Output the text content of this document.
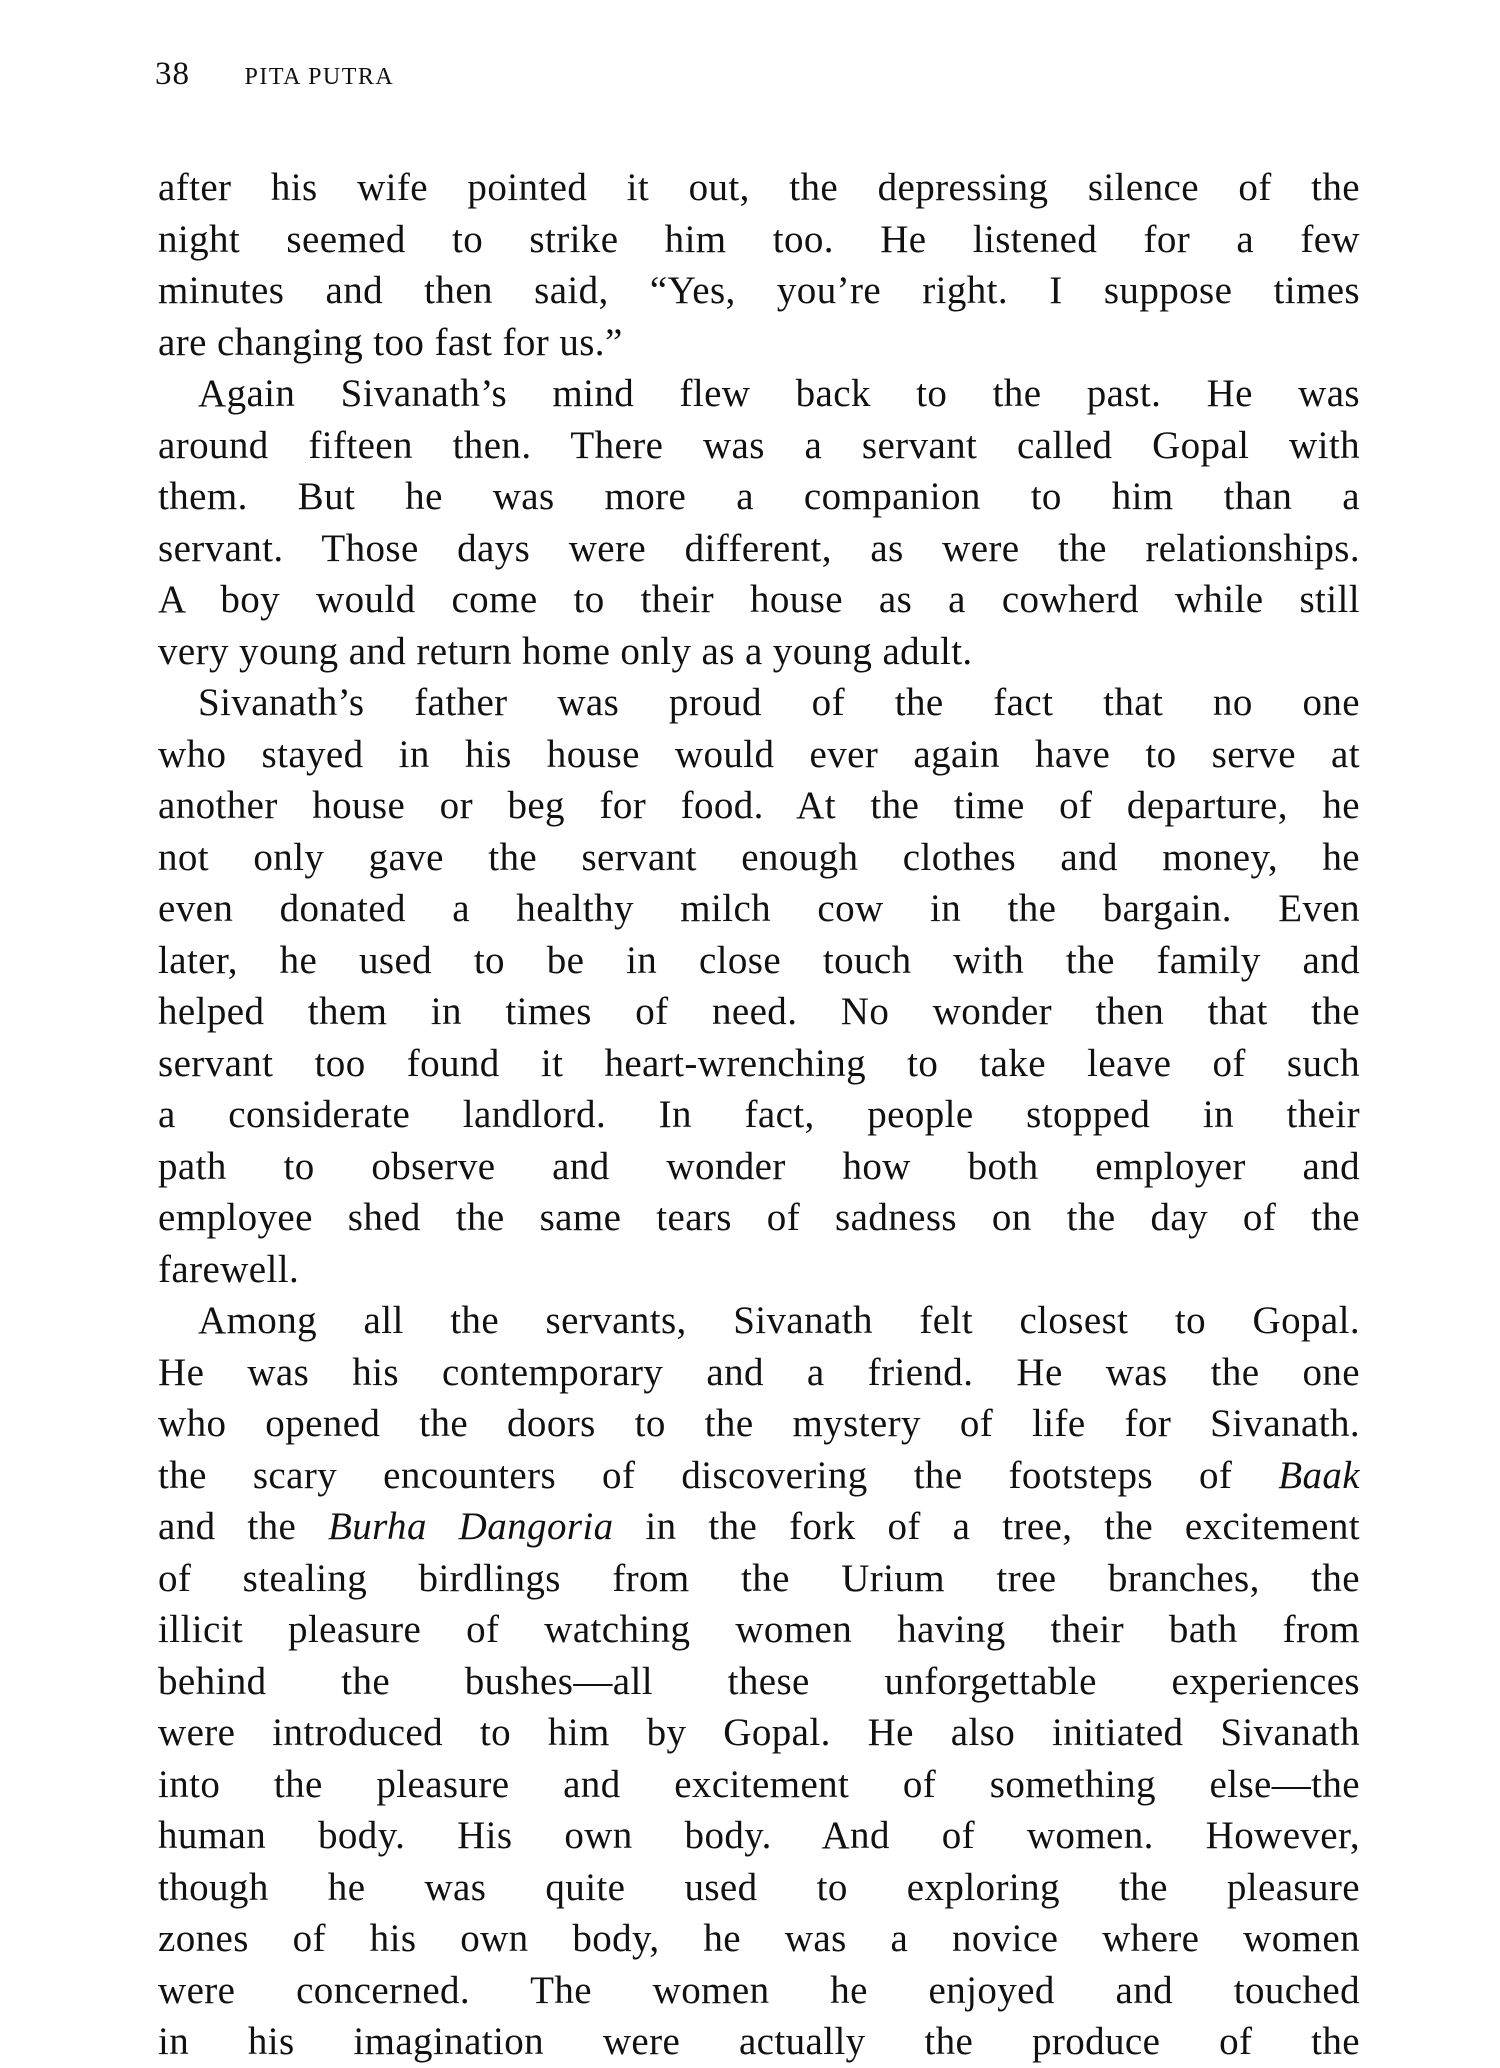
38 PITA PUTRA
after his wife pointed it out, the depressing silence of the
night seemed to strike him too. He listened for a few
minutes and then said, “Yes, you’re right. I suppose times
are changing too fast for us.”
Again Sivanath’s mind flew back to the past. He was
around fifteen then. There was a servant called Gopal with
them. But he was more a companion to him than a
servant. Those days were different, as were the relationships.
A boy would come to their house as a cowherd while still
very young and return home only as a young adult.
Sivanath’s father was proud of the fact that no one
who stayed in his house would ever again have to serve at
another house or beg for food. At the time of departure, he
not only gave the servant enough clothes and money, he
even donated a healthy milch cow in the bargain. Even
later, he used to be in close touch with the family and
helped them in times of need. No wonder then that the
servant too found it heart-wrenching to take leave of such
a considerate landlord. In fact, people stopped in their
path to observe and wonder how both employer and
employee shed the same tears of sadness on the day of the
farewell.
Among all the servants, Sivanath felt closest to Gopal.
He was his contemporary and a friend. He was the one
who opened the doors to the mystery of life for Sivanath.
the scary encounters of discovering the footsteps of Baak
and the Burha Dangoria in the fork of a tree, the excitement
of stealing birdlings from the Urium tree branches, the
illicit pleasure of watching women having their bath from
behind the bushes—all these unforgettable experiences
were introduced to him by Gopal. He also initiated Sivanath
into the pleasure and excitement of something else—the
human body. His own body. And of women. However,
though he was quite used to exploring the pleasure
zones of his own body, he was a novice where women
were concerned. The women he enjoyed and touched
in his imagination were actually the produce of the
